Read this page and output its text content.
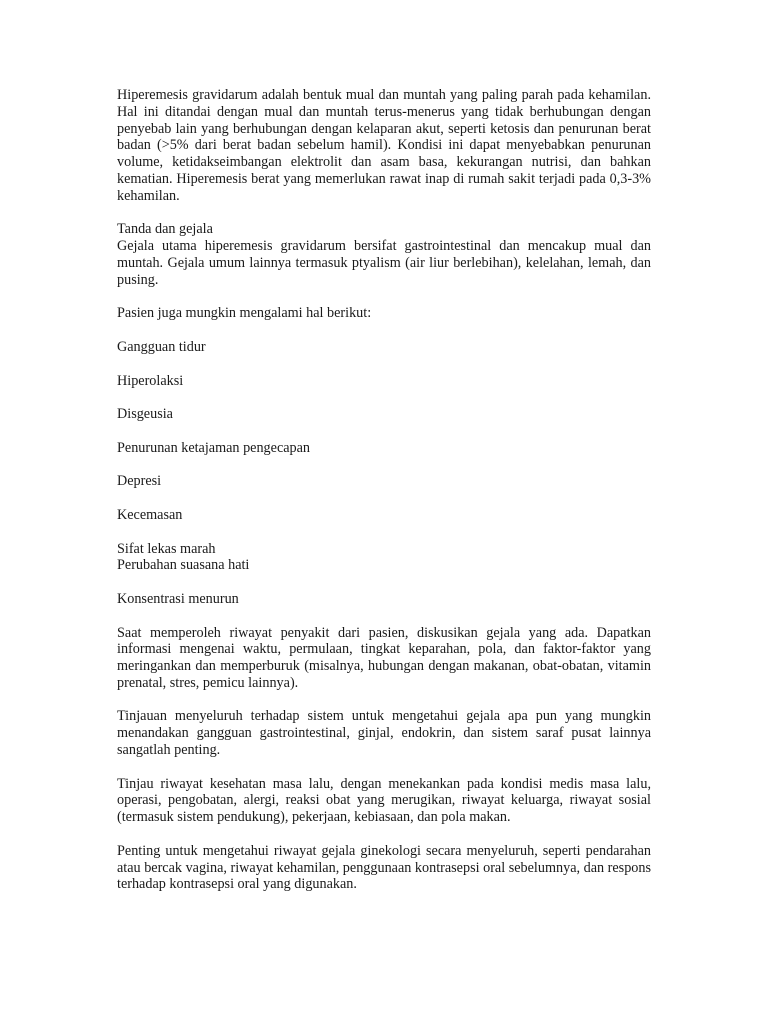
Hiperemesis gravidarum adalah bentuk mual dan muntah yang paling parah pada kehamilan. Hal ini ditandai dengan mual dan muntah terus-menerus yang tidak berhubungan dengan penyebab lain yang berhubungan dengan kelaparan akut, seperti ketosis dan penurunan berat badan (>5% dari berat badan sebelum hamil). Kondisi ini dapat menyebabkan penurunan volume, ketidakseimbangan elektrolit dan asam basa, kekurangan nutrisi, dan bahkan kematian. Hiperemesis berat yang memerlukan rawat inap di rumah sakit terjadi pada 0,3-3% kehamilan.

Tanda dan gejala

Gejala utama hiperemesis gravidarum bersifat gastrointestinal dan mencakup mual dan muntah. Gejala umum lainnya termasuk ptyalism (air liur berlebihan), kelelahan, lemah, dan pusing.

Pasien juga mungkin mengalami hal berikut:

Gangguan tidur

Hiperolaksi

Disgeusia

Penurunan ketajaman pengecapan

Depresi

Kecemasan

Sifat lekas marah

Perubahan suasana hati

Konsentrasi menurun

Saat memperoleh riwayat penyakit dari pasien, diskusikan gejala yang ada. Dapatkan informasi mengenai waktu, permulaan, tingkat keparahan, pola, dan faktor-faktor yang meringankan dan memperburuk (misalnya, hubungan dengan makanan, obat-obatan, vitamin prenatal, stres, pemicu lainnya).

Tinjauan menyeluruh terhadap sistem untuk mengetahui gejala apa pun yang mungkin menandakan gangguan gastrointestinal, ginjal, endokrin, dan sistem saraf pusat lainnya sangatlah penting.

Tinjau riwayat kesehatan masa lalu, dengan menekankan pada kondisi medis masa lalu, operasi, pengobatan, alergi, reaksi obat yang merugikan, riwayat keluarga, riwayat sosial (termasuk sistem pendukung), pekerjaan, kebiasaan, dan pola makan.

Penting untuk mengetahui riwayat gejala ginekologi secara menyeluruh, seperti pendarahan atau bercak vagina, riwayat kehamilan, penggunaan kontrasepsi oral sebelumnya, dan respons terhadap kontrasepsi oral yang digunakan.
